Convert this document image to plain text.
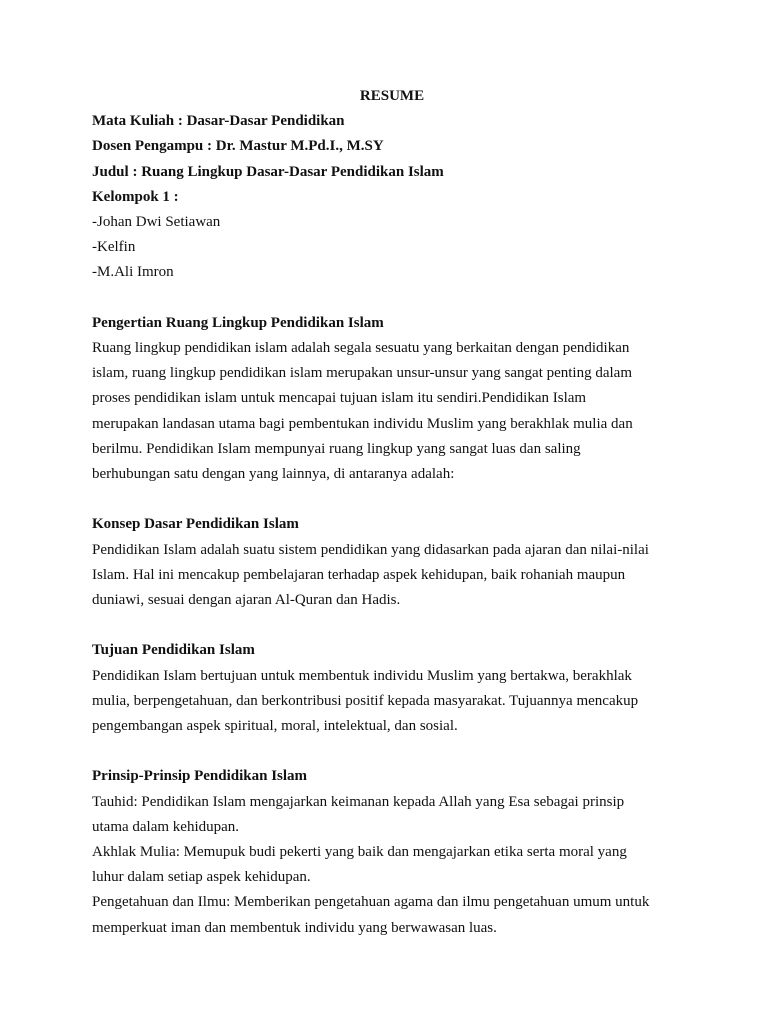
RESUME

Mata Kuliah : Dasar-Dasar Pendidikan

Dosen Pengampu : Dr. Mastur M.Pd.I., M.SY

Judul : Ruang Lingkup Dasar-Dasar Pendidikan Islam

Kelompok 1 :

-Johan Dwi Setiawan

-Kelfin

-M.Ali Imron

Pengertian Ruang Lingkup Pendidikan Islam

Ruang lingkup pendidikan islam adalah segala sesuatu yang berkaitan dengan pendidikan

islam, ruang lingkup pendidikan islam merupakan unsur-unsur yang sangat penting dalam

proses pendidikan islam untuk mencapai tujuan islam itu sendiri.Pendidikan Islam

merupakan landasan utama bagi pembentukan individu Muslim yang berakhlak mulia dan

berilmu. Pendidikan Islam mempunyai ruang lingkup yang sangat luas dan saling

berhubungan satu dengan yang lainnya, di antaranya adalah:

Konsep Dasar Pendidikan Islam

Pendidikan Islam adalah suatu sistem pendidikan yang didasarkan pada ajaran dan nilai-nilai

Islam. Hal ini mencakup pembelajaran terhadap aspek kehidupan, baik rohaniah maupun

duniawi, sesuai dengan ajaran Al-Quran dan Hadis.

Tujuan Pendidikan Islam

Pendidikan Islam bertujuan untuk membentuk individu Muslim yang bertakwa, berakhlak

mulia, berpengetahuan, dan berkontribusi positif kepada masyarakat. Tujuannya mencakup

pengembangan aspek spiritual, moral, intelektual, dan sosial.

Prinsip-Prinsip Pendidikan Islam

Tauhid: Pendidikan Islam mengajarkan keimanan kepada Allah yang Esa sebagai prinsip

utama dalam kehidupan.

Akhlak Mulia: Memupuk budi pekerti yang baik dan mengajarkan etika serta moral yang

luhur dalam setiap aspek kehidupan.

Pengetahuan dan Ilmu: Memberikan pengetahuan agama dan ilmu pengetahuan umum untuk

memperkuat iman dan membentuk individu yang berwawasan luas.
